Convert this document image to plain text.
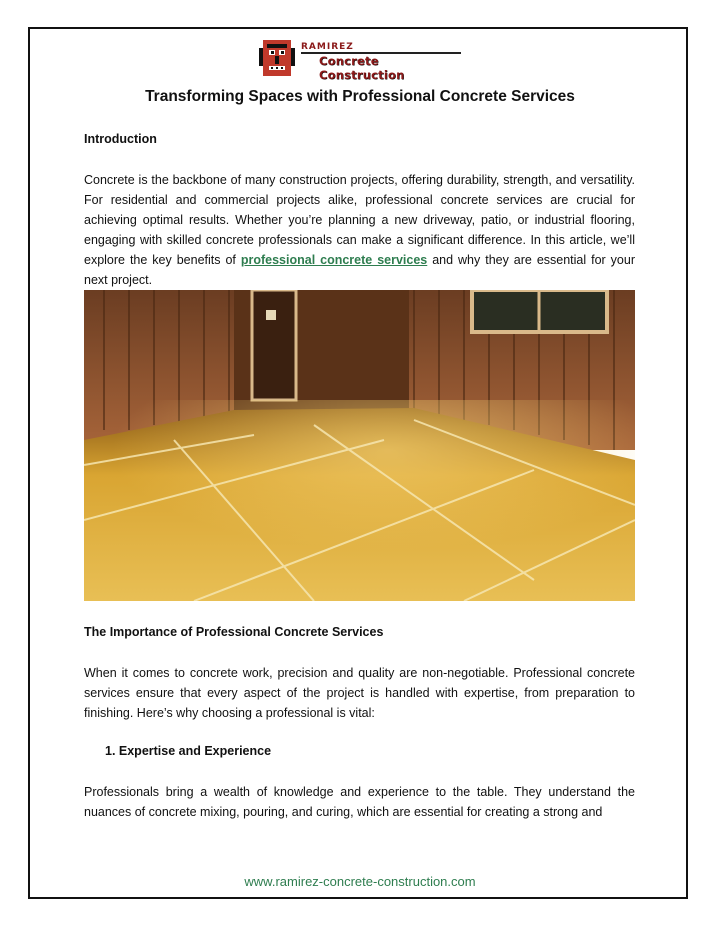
RAMIREZ
Concrete Construction
Transforming Spaces with Professional Concrete Services
Introduction
Concrete is the backbone of many construction projects, offering durability, strength, and versatility. For residential and commercial projects alike, professional concrete services are crucial for achieving optimal results. Whether you’re planning a new driveway, patio, or industrial flooring, engaging with skilled concrete professionals can make a significant difference. In this article, we’ll explore the key benefits of professional concrete services and why they are essential for your next project.
The Importance of Professional Concrete Services
When it comes to concrete work, precision and quality are non-negotiable. Professional concrete services ensure that every aspect of the project is handled with expertise, from preparation to finishing. Here’s why choosing a professional is vital:
1. Expertise and Experience
Professionals bring a wealth of knowledge and experience to the table. They understand the nuances of concrete mixing, pouring, and curing, which are essential for creating a strong and
www.ramirez-concrete-construction.com
